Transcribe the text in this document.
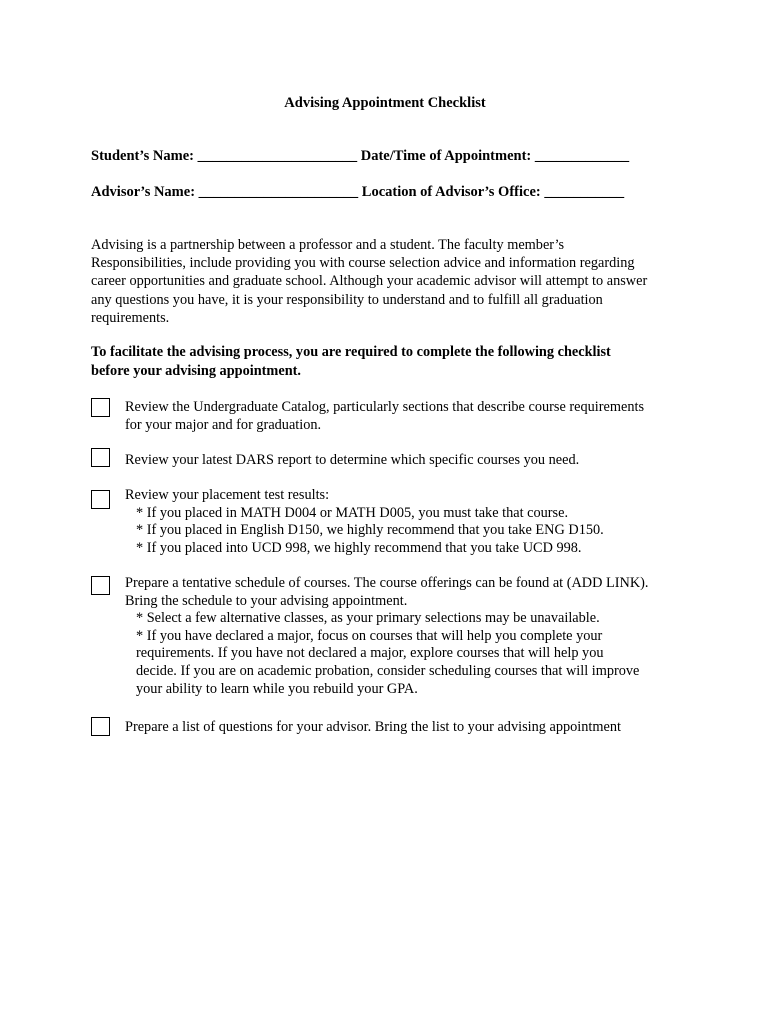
Advising Appointment Checklist
Student’s Name: ______________________ Date/Time of Appointment: _____________
Advisor’s Name: ______________________ Location of Advisor’s Office: ___________

Advising is a partnership between a professor and a student. The faculty member’s

Responsibilities, include providing you with course selection advice and information regarding

career opportunities and graduate school. Although your academic advisor will attempt to answer

any questions you have, it is your responsibility to understand and to fulfill all graduation

requirements.

To facilitate the advising process, you are required to complete the following checklist

before your advising appointment.

Review the Undergraduate Catalog, particularly sections that describe course requirements
for your major and for graduation.
Review your latest DARS report to determine which specific courses you need.
Review your placement test results:
* If you placed in MATH D004 or MATH D005, you must take that course.
* If you placed in English D150, we highly recommend that you take ENG D150.
* If you placed into UCD 998, we highly recommend that you take UCD 998.
Prepare a tentative schedule of courses. The course offerings can be found at (ADD LINK).
Bring the schedule to your advising appointment.
* Select a few alternative classes, as your primary selections may be unavailable.
* If you have declared a major, focus on courses that will help you complete your
requirements. If you have not declared a major, explore courses that will help you
decide. If you are on academic probation, consider scheduling courses that will improve
your ability to learn while you rebuild your GPA.
Prepare a list of questions for your advisor. Bring the list to your advising appointment
